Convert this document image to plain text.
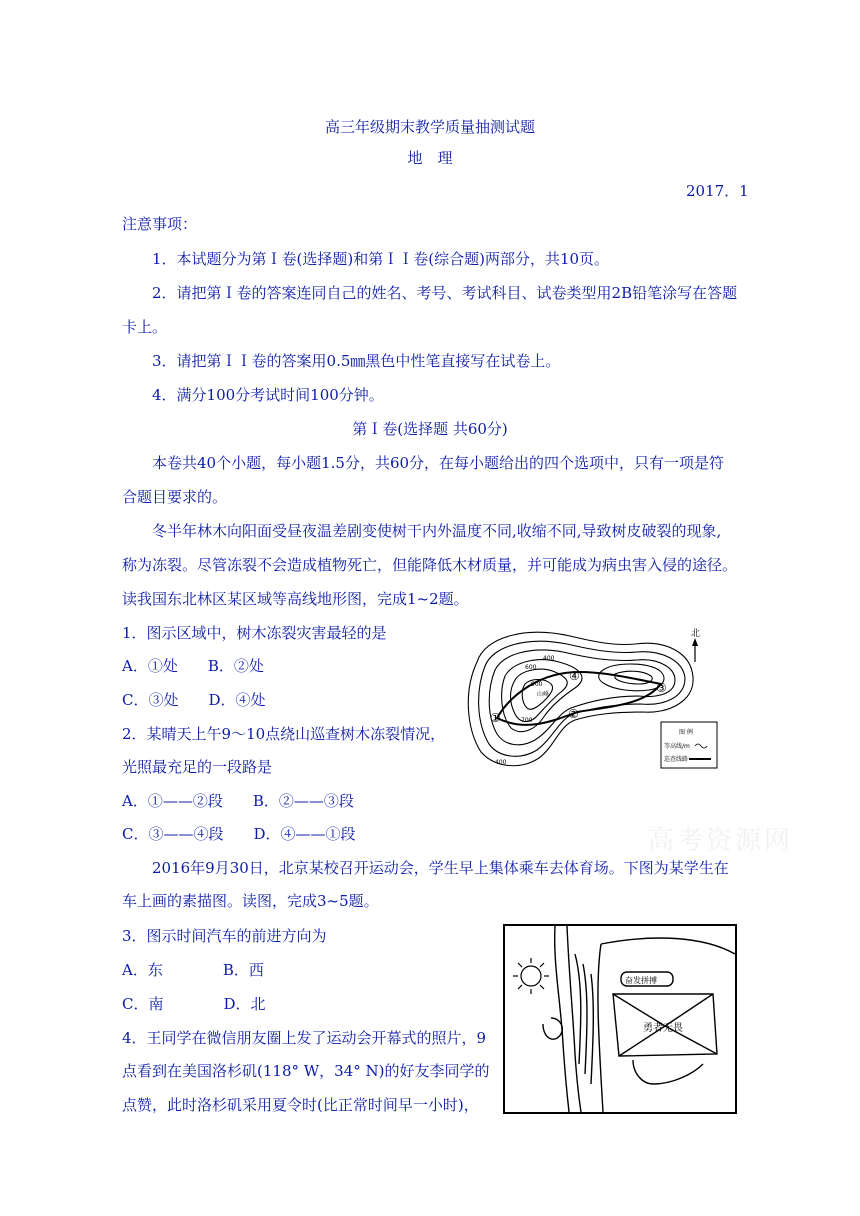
高三年级期末教学质量抽测试题
地　理
2017．1
注意事项：
1．本试题分为第Ｉ卷(选择题)和第ＩＩ卷(综合题)两部分，共10页。
2．请把第Ｉ卷的答案连同自己的姓名、考号、考试科目、试卷类型用2B铅笔涂写在答题
卡上。
3．请把第ＩＩ卷的答案用0.5㎜黑色中性笔直接写在试卷上。
4．满分100分考试时间100分钟。
第Ｉ卷(选择题 共60分)
本卷共40个小题，每小题1.5分，共60分，在每小题给出的四个选项中，只有一项是符
合题目要求的。
冬半年林木向阳面受昼夜温差剧变使树干内外温度不同,收缩不同,导致树皮破裂的现象,
称为冻裂。尽管冻裂不会造成植物死亡，但能降低木材质量，并可能成为病虫害入侵的途径。
读我国东北林区某区域等高线地形图，完成1~2题。
1．图示区域中，树木冻裂灾害最轻的是
A．①处　　B．②处
C．③处　　D．④处
2．某晴天上午9～10点绕山巡查树木冻裂情况，
光照最充足的一段路是
A．①——②段　　B．②——③段
C．③——④段　　D．④——①段
①	②
③
④
400
600
900
700
400
山峰
北
图 例
等高线/m
巡查线路
2016年9月30日，北京某校召开运动会，学生早上集体乘车去体育场。下图为某学生在
车上画的素描图。读图，完成3~5题。
3．图示时间汽车的前进方向为
A．东　　　　B．西
C．南　　　　D．北
4．王同学在微信朋友圈上发了运动会开幕式的照片，9
点看到在美国洛杉矶(118° W，34° N)的好友李同学的
点赞，此时洛杉矶采用夏令时(比正常时间早一小时)，
奋发拼搏
勇者无畏
高考资源网
